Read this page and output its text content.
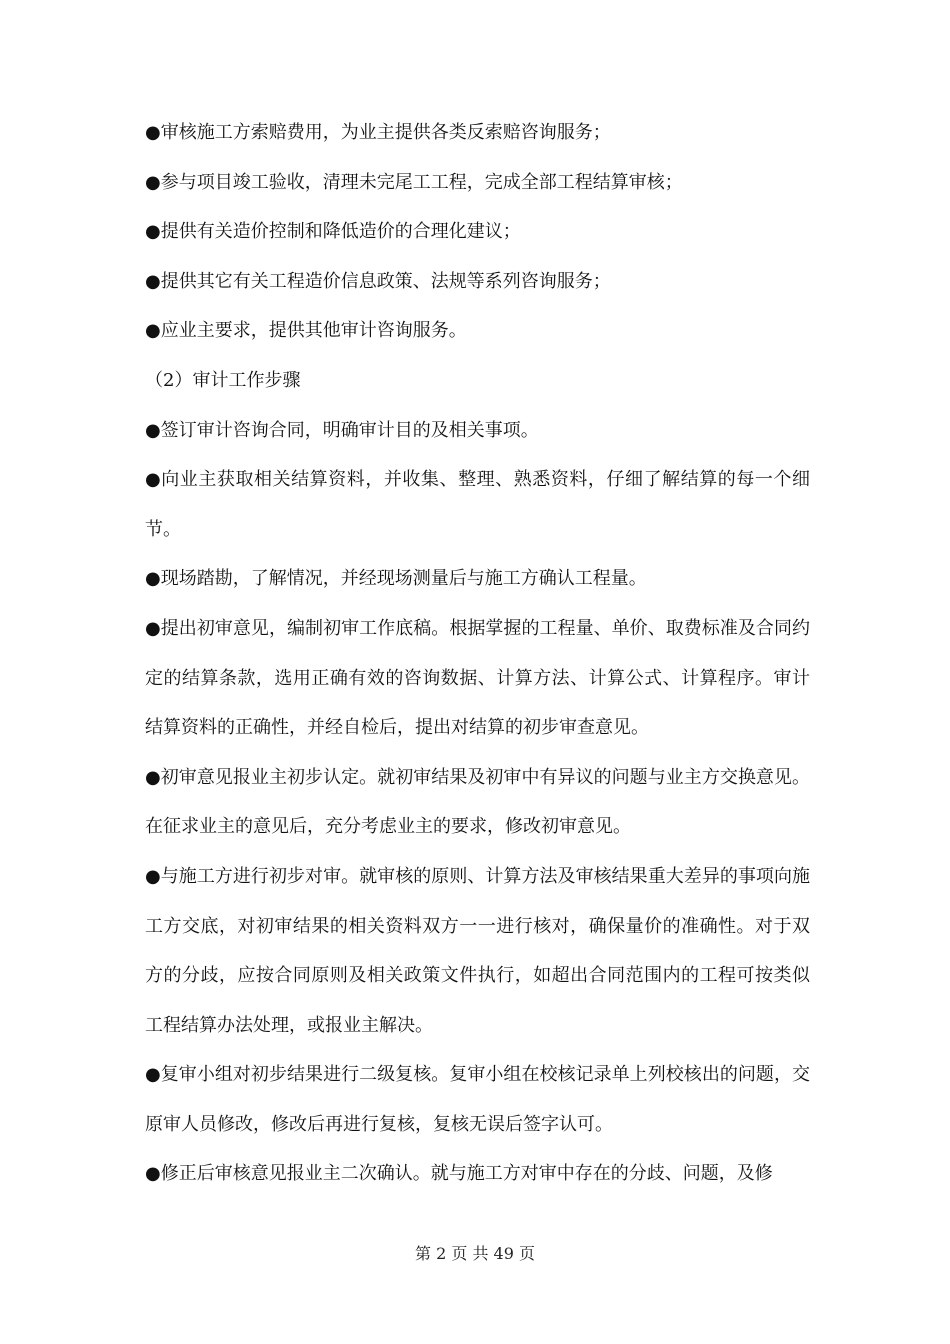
●审核施工方索赔费用，为业主提供各类反索赔咨询服务；

●参与项目竣工验收，清理未完尾工工程，完成全部工程结算审核；

●提供有关造价控制和降低造价的合理化建议；

●提供其它有关工程造价信息政策、法规等系列咨询服务；

●应业主要求，提供其他审计咨询服务。

（2）审计工作步骤

●签订审计咨询合同，明确审计目的及相关事项。

●向业主获取相关结算资料，并收集、整理、熟悉资料，仔细了解结算的每一个细节。

●现场踏勘，了解情况，并经现场测量后与施工方确认工程量。

●提出初审意见，编制初审工作底稿。根据掌握的工程量、单价、取费标准及合同约定的结算条款，选用正确有效的咨询数据、计算方法、计算公式、计算程序。审计结算资料的正确性，并经自检后，提出对结算的初步审查意见。

●初审意见报业主初步认定。就初审结果及初审中有异议的问题与业主方交换意见。在征求业主的意见后，充分考虑业主的要求，修改初审意见。

●与施工方进行初步对审。就审核的原则、计算方法及审核结果重大差异的事项向施工方交底，对初审结果的相关资料双方一一进行核对，确保量价的准确性。对于双方的分歧，应按合同原则及相关政策文件执行，如超出合同范围内的工程可按类似工程结算办法处理，或报业主解决。

●复审小组对初步结果进行二级复核。复审小组在校核记录单上列校核出的问题，交原审人员修改，修改后再进行复核，复核无误后签字认可。

●修正后审核意见报业主二次确认。就与施工方对审中存在的分歧、问题，及修

第 2 页 共 49 页
